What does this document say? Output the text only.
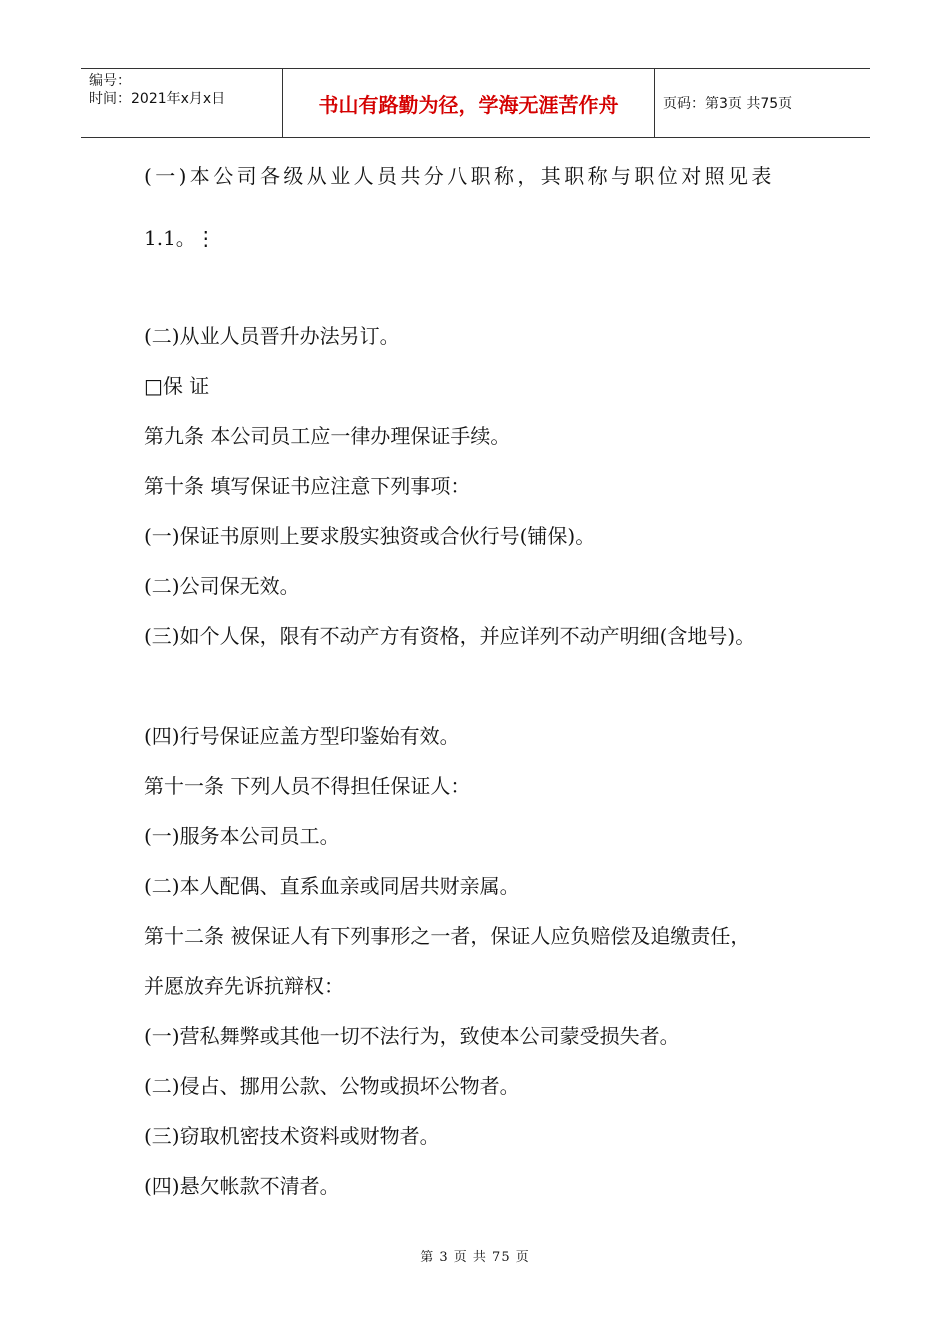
编号：
时间：2021年x月x日	书山有路勤为径，学海无涯苦作舟	页码：第3页 共75页

(一)本公司各级从业人员共分八职称，其职称与职位对照见表

1.1。⋮

(二)从业人员晋升办法另订。

□保 证

第九条 本公司员工应一律办理保证手续。

第十条 填写保证书应注意下列事项：

(一)保证书原则上要求殷实独资或合伙行号(铺保)。

(二)公司保无效。

(三)如个人保，限有不动产方有资格，并应详列不动产明细(含地号)。

(四)行号保证应盖方型印鉴始有效。

第十一条 下列人员不得担任保证人：

(一)服务本公司员工。

(二)本人配偶、直系血亲或同居共财亲属。

第十二条 被保证人有下列事形之一者，保证人应负赔偿及追缴责任，

并愿放弃先诉抗辩权：

(一)营私舞弊或其他一切不法行为，致使本公司蒙受损失者。

(二)侵占、挪用公款、公物或损坏公物者。

(三)窃取机密技术资料或财物者。

(四)悬欠帐款不清者。

第 3 页 共 75 页
